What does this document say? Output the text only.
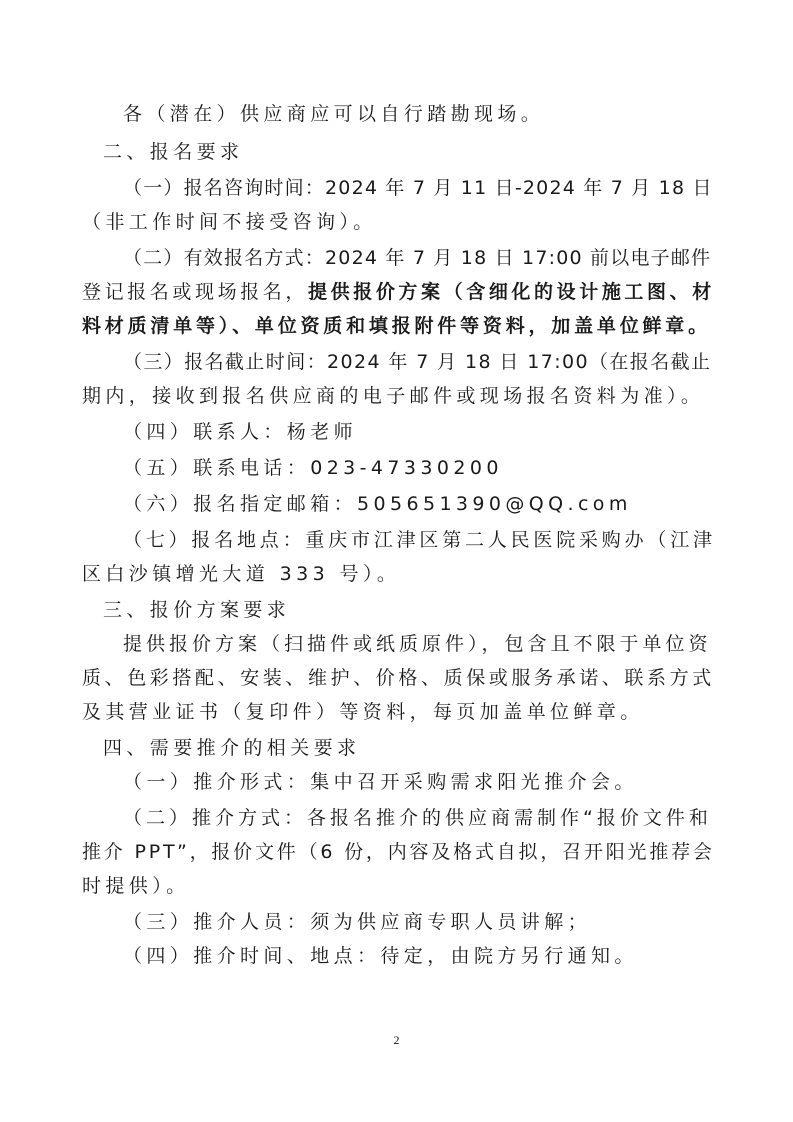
各（潜在）供应商应可以自行踏勘现场。
二、报名要求
（一）报名咨询时间：2024 年 7 月 11 日-2024 年 7 月 18 日
（非工作时间不接受咨询）。
（二）有效报名方式：2024 年 7 月 18 日 17:00 前以电子邮件
登记报名或现场报名，提供报价方案（含细化的设计施工图、材
料材质清单等）、单位资质和填报附件等资料，加盖单位鲜章。
（三）报名截止时间：2024 年 7 月 18 日 17:00（在报名截止
期内，接收到报名供应商的电子邮件或现场报名资料为准）。
（四）联系人：杨老师
（五）联系电话：023-47330200
（六）报名指定邮箱：505651390@QQ.com
（七）报名地点：重庆市江津区第二人民医院采购办（江津
区白沙镇增光大道 333 号）。
三、报价方案要求
提供报价方案（扫描件或纸质原件），包含且不限于单位资
质、色彩搭配、安装、维护、价格、质保或服务承诺、联系方式
及其营业证书（复印件）等资料，每页加盖单位鲜章。
四、需要推介的相关要求
（一）推介形式：集中召开采购需求阳光推介会。
（二）推介方式：各报名推介的供应商需制作“报价文件和
推介 PPT”，报价文件（6 份，内容及格式自拟，召开阳光推荐会
时提供）。
（三）推介人员：须为供应商专职人员讲解；
（四）推介时间、地点：待定，由院方另行通知。
2
